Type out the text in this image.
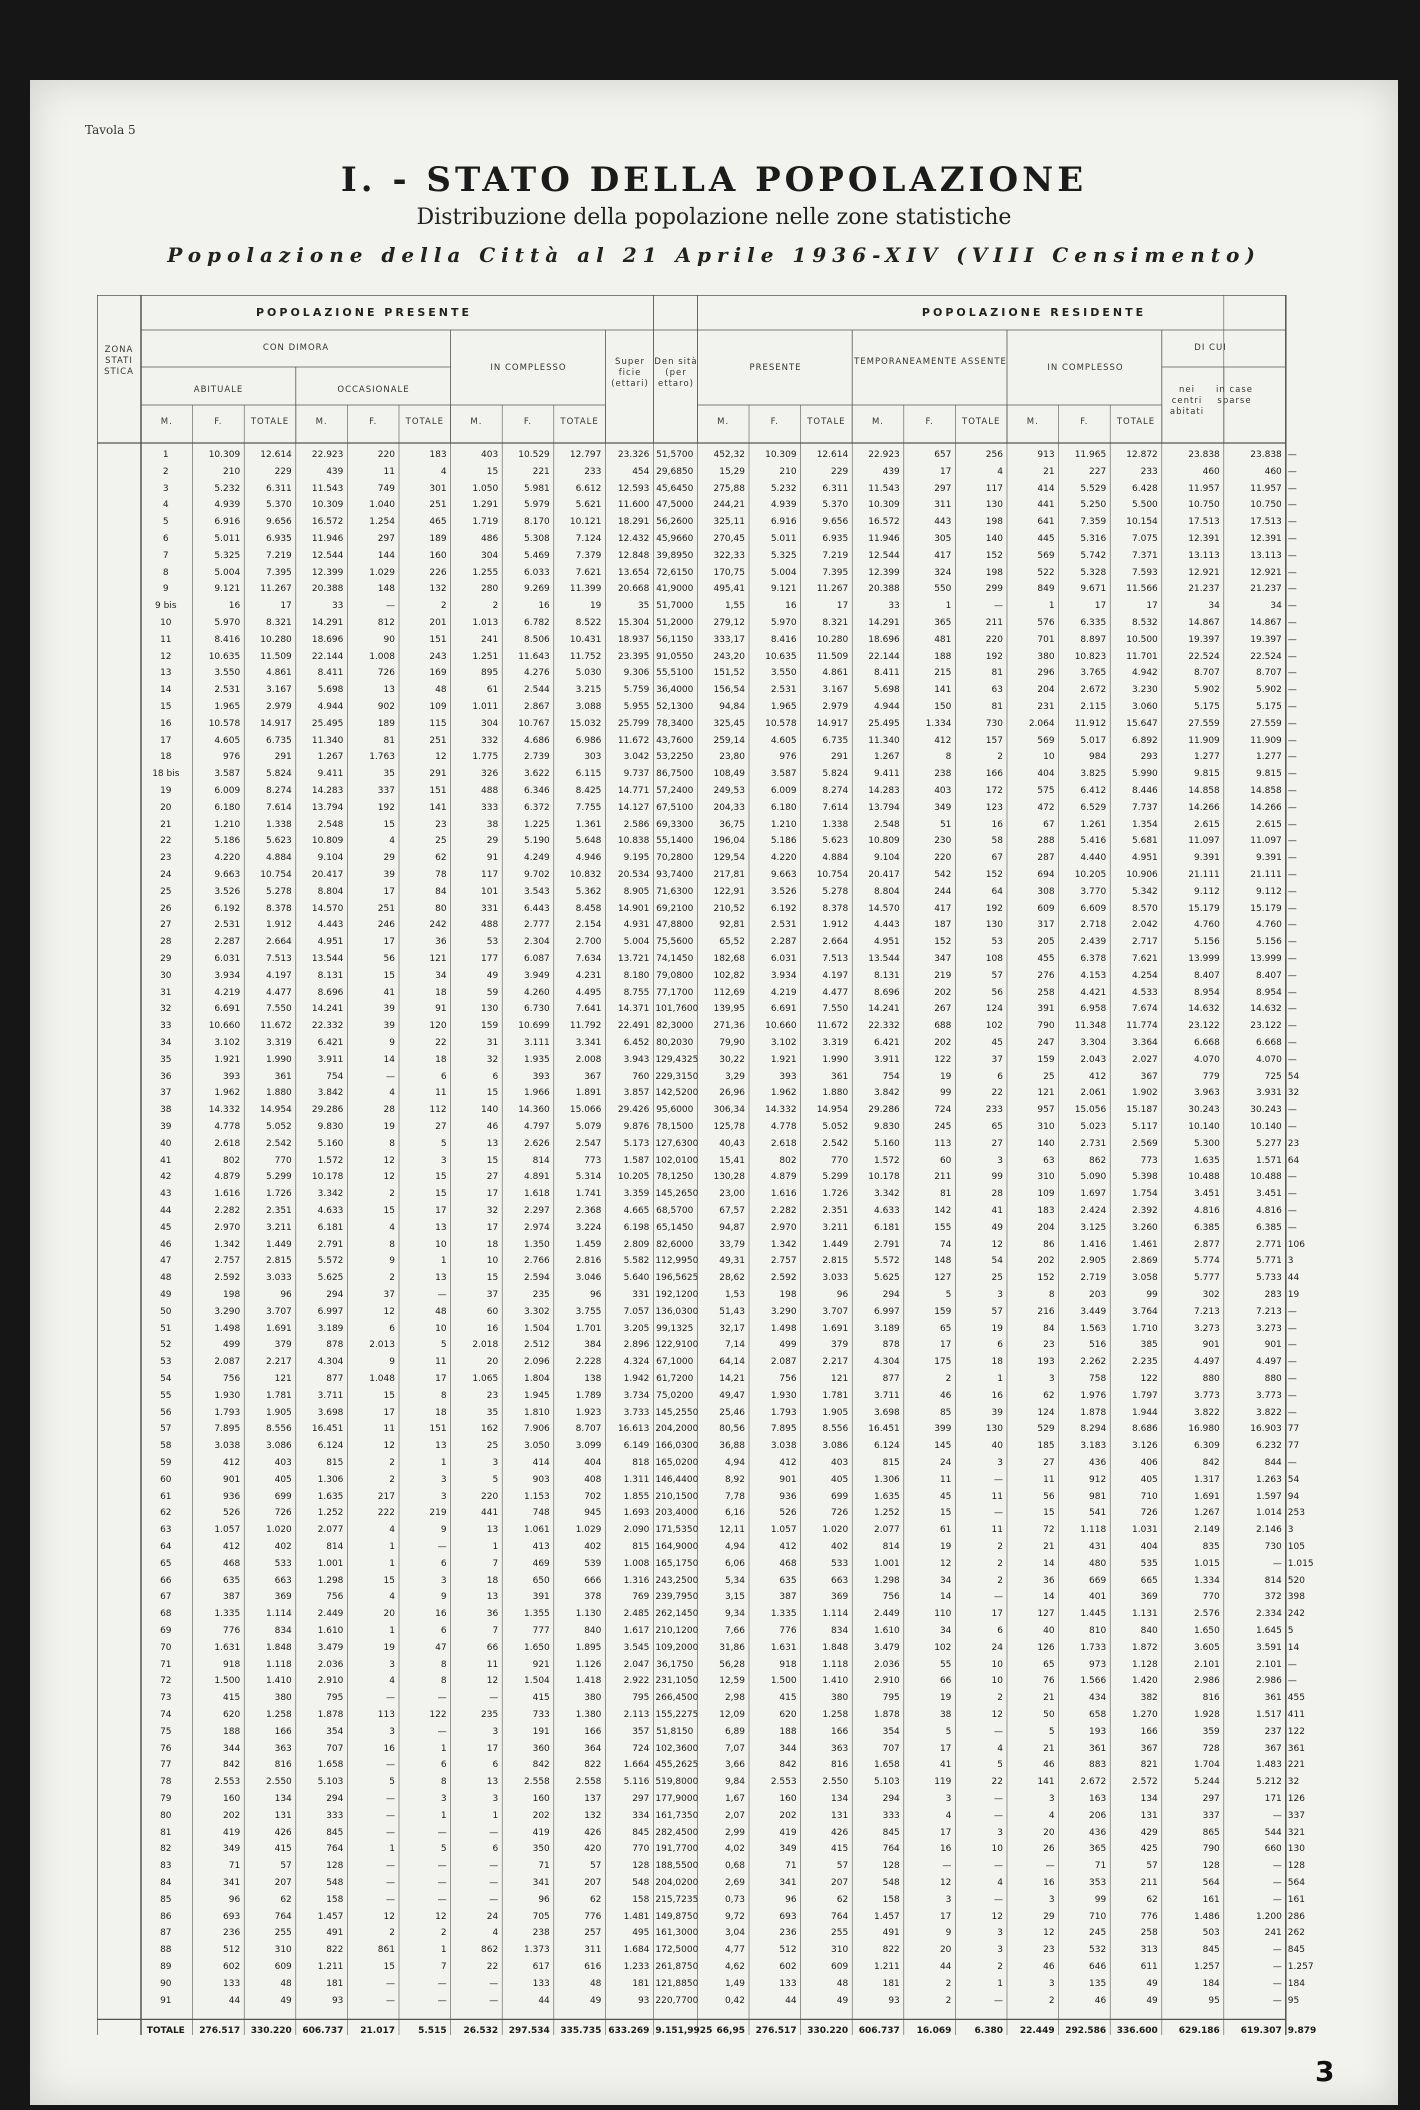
Tavola 5
I. - STATO DELLA POPOLAZIONE
Distribuzione della popolazione nelle zone statistiche
Popolazione della Città al 21 Aprile 1936-XIV (VIII Censimento)
ZONA STATI STICA
POPOLAZIONE PRESENTE	POPOLAZIONE RESIDENTE
CON DIMORA
ABITUALE	OCCASIONALE
IN COMPLESSO
Super ficie (ettari)
Den sità (per ettaro)
PRESENTE
TEMPORANEAMENTE ASSENTE
IN COMPLESSO
DI CUI
nei centri abitati
in case sparse
M.	F.	TOTALE	M.	F.	TOTALE	M.	F.	TOTALE	M.	F.	TOTALE	M.	F.	TOTALE	M.	F.	TOTALE
1	10.309	12.614	22.923	220	183	403	10.529	12.797	23.326 51,5700	452,32	10.309	12.614	22.923	657	256	913	11.965	12.872	23.838	23.838 —
2	210	229	439	11	4	15	221	233	454 29,6850	15,29	210	229	439	17	4	21	227	233	460	460 —
3	5.232	6.311	11.543	749	301	1.050	5.981	6.612	12.593 45,6450	275,88	5.232	6.311	11.543	297	117	414	5.529	6.428	11.957	11.957 —
4	4.939	5.370	10.309	1.040	251	1.291	5.979	5.621	11.600 47,5000	244,21	4.939	5.370	10.309	311	130	441	5.250	5.500	10.750	10.750 —
5	6.916	9.656	16.572	1.254	465	1.719	8.170	10.121	18.291 56,2600	325,11	6.916	9.656	16.572	443	198	641	7.359	10.154	17.513	17.513 —
6	5.011	6.935	11.946	297	189	486	5.308	7.124	12.432 45,9660	270,45	5.011	6.935	11.946	305	140	445	5.316	7.075	12.391	12.391 —
7	5.325	7.219	12.544	144	160	304	5.469	7.379	12.848 39,8950	322,33	5.325	7.219	12.544	417	152	569	5.742	7.371	13.113	13.113 —
8	5.004	7.395	12.399	1.029	226	1.255	6.033	7.621	13.654 72,6150	170,75	5.004	7.395	12.399	324	198	522	5.328	7.593	12.921	12.921 —
9	9.121	11.267	20.388	148	132	280	9.269	11.399	20.668 41,9000	495,41	9.121	11.267	20.388	550	299	849	9.671	11.566	21.237	21.237 —
9 bis	16	17	33	—	2	2	16	19	35 51,7000	1,55	16	17	33	1	—	1	17	17	34	34 —
10	5.970	8.321	14.291	812	201	1.013	6.782	8.522	15.304 51,2000	279,12	5.970	8.321	14.291	365	211	576	6.335	8.532	14.867	14.867 —
11	8.416	10.280	18.696	90	151	241	8.506	10.431	18.937 56,1150	333,17	8.416	10.280	18.696	481	220	701	8.897	10.500	19.397	19.397 —
12	10.635	11.509	22.144	1.008	243	1.251	11.643	11.752	23.395 91,0550	243,20	10.635	11.509	22.144	188	192	380	10.823	11.701	22.524	22.524 —
13	3.550	4.861	8.411	726	169	895	4.276	5.030	9.306 55,5100	151,52	3.550	4.861	8.411	215	81	296	3.765	4.942	8.707	8.707 —
14	2.531	3.167	5.698	13	48	61	2.544	3.215	5.759 36,4000	156,54	2.531	3.167	5.698	141	63	204	2.672	3.230	5.902	5.902 —
15	1.965	2.979	4.944	902	109	1.011	2.867	3.088	5.955 52,1300	94,84	1.965	2.979	4.944	150	81	231	2.115	3.060	5.175	5.175 —
16	10.578	14.917	25.495	189	115	304	10.767	15.032	25.799 78,3400	325,45	10.578	14.917	25.495	1.334	730	2.064	11.912	15.647	27.559	27.559 —
17	4.605	6.735	11.340	81	251	332	4.686	6.986	11.672 43,7600	259,14	4.605	6.735	11.340	412	157	569	5.017	6.892	11.909	11.909 —
18	976	291	1.267	1.763	12	1.775	2.739	303	3.042 53,2250	23,80	976	291	1.267	8	2	10	984	293	1.277	1.277 —
18 bis	3.587	5.824	9.411	35	291	326	3.622	6.115	9.737 86,7500	108,49	3.587	5.824	9.411	238	166	404	3.825	5.990	9.815	9.815 —
19	6.009	8.274	14.283	337	151	488	6.346	8.425	14.771 57,2400	249,53	6.009	8.274	14.283	403	172	575	6.412	8.446	14.858	14.858 —
20	6.180	7.614	13.794	192	141	333	6.372	7.755	14.127 67,5100	204,33	6.180	7.614	13.794	349	123	472	6.529	7.737	14.266	14.266 —
21	1.210	1.338	2.548	15	23	38	1.225	1.361	2.586 69,3300	36,75	1.210	1.338	2.548	51	16	67	1.261	1.354	2.615	2.615 —
22	5.186	5.623	10.809	4	25	29	5.190	5.648	10.838 55,1400	196,04	5.186	5.623	10.809	230	58	288	5.416	5.681	11.097	11.097 —
23	4.220	4.884	9.104	29	62	91	4.249	4.946	9.195 70,2800	129,54	4.220	4.884	9.104	220	67	287	4.440	4.951	9.391	9.391 —
24	9.663	10.754	20.417	39	78	117	9.702	10.832	20.534 93,7400	217,81	9.663	10.754	20.417	542	152	694	10.205	10.906	21.111	21.111 —
25	3.526	5.278	8.804	17	84	101	3.543	5.362	8.905 71,6300	122,91	3.526	5.278	8.804	244	64	308	3.770	5.342	9.112	9.112 —
26	6.192	8.378	14.570	251	80	331	6.443	8.458	14.901 69,2100	210,52	6.192	8.378	14.570	417	192	609	6.609	8.570	15.179	15.179 —
27	2.531	1.912	4.443	246	242	488	2.777	2.154	4.931 47,8800	92,81	2.531	1.912	4.443	187	130	317	2.718	2.042	4.760	4.760 —
28	2.287	2.664	4.951	17	36	53	2.304	2.700	5.004 75,5600	65,52	2.287	2.664	4.951	152	53	205	2.439	2.717	5.156	5.156 —
29	6.031	7.513	13.544	56	121	177	6.087	7.634	13.721 74,1450	182,68	6.031	7.513	13.544	347	108	455	6.378	7.621	13.999	13.999 —
30	3.934	4.197	8.131	15	34	49	3.949	4.231	8.180 79,0800	102,82	3.934	4.197	8.131	219	57	276	4.153	4.254	8.407	8.407 —
31	4.219	4.477	8.696	41	18	59	4.260	4.495	8.755 77,1700	112,69	4.219	4.477	8.696	202	56	258	4.421	4.533	8.954	8.954 —
32	6.691	7.550	14.241	39	91	130	6.730	7.641	14.371 101,7600	139,95	6.691	7.550	14.241	267	124	391	6.958	7.674	14.632	14.632 —
33	10.660	11.672	22.332	39	120	159	10.699	11.792	22.491 82,3000	271,36	10.660	11.672	22.332	688	102	790	11.348	11.774	23.122	23.122 —
34	3.102	3.319	6.421	9	22	31	3.111	3.341	6.452 80,2030	79,90	3.102	3.319	6.421	202	45	247	3.304	3.364	6.668	6.668 —
35	1.921	1.990	3.911	14	18	32	1.935	2.008	3.943 129,4325	30,22	1.921	1.990	3.911	122	37	159	2.043	2.027	4.070	4.070 —
36	393	361	754	—	6	6	393	367	760 229,3150	3,29	393	361	754	19	6	25	412	367	779	725 54
37	1.962	1.880	3.842	4	11	15	1.966	1.891	3.857 142,5200	26,96	1.962	1.880	3.842	99	22	121	2.061	1.902	3.963	3.931 32
38	14.332	14.954	29.286	28	112	140	14.360	15.066	29.426 95,6000	306,34	14.332	14.954	29.286	724	233	957	15.056	15.187	30.243	30.243 —
39	4.778	5.052	9.830	19	27	46	4.797	5.079	9.876 78,1500	125,78	4.778	5.052	9.830	245	65	310	5.023	5.117	10.140	10.140 —
40	2.618	2.542	5.160	8	5	13	2.626	2.547	5.173 127,6300	40,43	2.618	2.542	5.160	113	27	140	2.731	2.569	5.300	5.277 23
41	802	770	1.572	12	3	15	814	773	1.587 102,0100	15,41	802	770	1.572	60	3	63	862	773	1.635	1.571 64
42	4.879	5.299	10.178	12	15	27	4.891	5.314	10.205 78,1250	130,28	4.879	5.299	10.178	211	99	310	5.090	5.398	10.488	10.488 —
43	1.616	1.726	3.342	2	15	17	1.618	1.741	3.359 145,2650	23,00	1.616	1.726	3.342	81	28	109	1.697	1.754	3.451	3.451 —
44	2.282	2.351	4.633	15	17	32	2.297	2.368	4.665 68,5700	67,57	2.282	2.351	4.633	142	41	183	2.424	2.392	4.816	4.816 —
45	2.970	3.211	6.181	4	13	17	2.974	3.224	6.198 65,1450	94,87	2.970	3.211	6.181	155	49	204	3.125	3.260	6.385	6.385 —
46	1.342	1.449	2.791	8	10	18	1.350	1.459	2.809 82,6000	33,79	1.342	1.449	2.791	74	12	86	1.416	1.461	2.877	2.771 106
47	2.757	2.815	5.572	9	1	10	2.766	2.816	5.582 112,9950	49,31	2.757	2.815	5.572	148	54	202	2.905	2.869	5.774	5.771 3
48	2.592	3.033	5.625	2	13	15	2.594	3.046	5.640 196,5625	28,62	2.592	3.033	5.625	127	25	152	2.719	3.058	5.777	5.733 44
49	198	96	294	37	—	37	235	96	331 192,1200	1,53	198	96	294	5	3	8	203	99	302	283 19
50	3.290	3.707	6.997	12	48	60	3.302	3.755	7.057 136,0300	51,43	3.290	3.707	6.997	159	57	216	3.449	3.764	7.213	7.213 —
51	1.498	1.691	3.189	6	10	16	1.504	1.701	3.205 99,1325	32,17	1.498	1.691	3.189	65	19	84	1.563	1.710	3.273	3.273 —
52	499	379	878	2.013	5	2.018	2.512	384	2.896 122,9100	7,14	499	379	878	17	6	23	516	385	901	901 —
53	2.087	2.217	4.304	9	11	20	2.096	2.228	4.324 67,1000	64,14	2.087	2.217	4.304	175	18	193	2.262	2.235	4.497	4.497 —
54	756	121	877	1.048	17	1.065	1.804	138	1.942 61,7200	14,21	756	121	877	2	1	3	758	122	880	880 —
55	1.930	1.781	3.711	15	8	23	1.945	1.789	3.734 75,0200	49,47	1.930	1.781	3.711	46	16	62	1.976	1.797	3.773	3.773 —
56	1.793	1.905	3.698	17	18	35	1.810	1.923	3.733 145,2550	25,46	1.793	1.905	3.698	85	39	124	1.878	1.944	3.822	3.822 —
57	7.895	8.556	16.451	11	151	162	7.906	8.707	16.613 204,2000	80,56	7.895	8.556	16.451	399	130	529	8.294	8.686	16.980	16.903 77
58	3.038	3.086	6.124	12	13	25	3.050	3.099	6.149 166,0300	36,88	3.038	3.086	6.124	145	40	185	3.183	3.126	6.309	6.232 77
59	412	403	815	2	1	3	414	404	818 165,0200	4,94	412	403	815	24	3	27	436	406	842	844 —
60	901	405	1.306	2	3	5	903	408	1.311 146,4400	8,92	901	405	1.306	11	—	11	912	405	1.317	1.263 54
61	936	699	1.635	217	3	220	1.153	702	1.855 210,1500	7,78	936	699	1.635	45	11	56	981	710	1.691	1.597 94
62	526	726	1.252	222	219	441	748	945	1.693 203,4000	6,16	526	726	1.252	15	—	15	541	726	1.267	1.014 253
63	1.057	1.020	2.077	4	9	13	1.061	1.029	2.090 171,5350	12,11	1.057	1.020	2.077	61	11	72	1.118	1.031	2.149	2.146 3
64	412	402	814	1	—	1	413	402	815 164,9000	4,94	412	402	814	19	2	21	431	404	835	730 105
65	468	533	1.001	1	6	7	469	539	1.008 165,1750	6,06	468	533	1.001	12	2	14	480	535	1.015	— 1.015
66	635	663	1.298	15	3	18	650	666	1.316 243,2500	5,34	635	663	1.298	34	2	36	669	665	1.334	814 520
67	387	369	756	4	9	13	391	378	769 239,7950	3,15	387	369	756	14	—	14	401	369	770	372 398
68	1.335	1.114	2.449	20	16	36	1.355	1.130	2.485 262,1450	9,34	1.335	1.114	2.449	110	17	127	1.445	1.131	2.576	2.334 242
69	776	834	1.610	1	6	7	777	840	1.617 210,1200	7,66	776	834	1.610	34	6	40	810	840	1.650	1.645 5
70	1.631	1.848	3.479	19	47	66	1.650	1.895	3.545 109,2000	31,86	1.631	1.848	3.479	102	24	126	1.733	1.872	3.605	3.591 14
71	918	1.118	2.036	3	8	11	921	1.126	2.047 36,1750	56,28	918	1.118	2.036	55	10	65	973	1.128	2.101	2.101 —
72	1.500	1.410	2.910	4	8	12	1.504	1.418	2.922 231,1050	12,59	1.500	1.410	2.910	66	10	76	1.566	1.420	2.986	2.986 —
73	415	380	795	—	—	—	415	380	795 266,4500	2,98	415	380	795	19	2	21	434	382	816	361 455
74	620	1.258	1.878	113	122	235	733	1.380	2.113 155,2275	12,09	620	1.258	1.878	38	12	50	658	1.270	1.928	1.517 411
75	188	166	354	3	—	3	191	166	357 51,8150	6,89	188	166	354	5	—	5	193	166	359	237 122
76	344	363	707	16	1	17	360	364	724 102,3600	7,07	344	363	707	17	4	21	361	367	728	367 361
77	842	816	1.658	—	6	6	842	822	1.664 455,2625	3,66	842	816	1.658	41	5	46	883	821	1.704	1.483 221
78	2.553	2.550	5.103	5	8	13	2.558	2.558	5.116 519,8000	9,84	2.553	2.550	5.103	119	22	141	2.672	2.572	5.244	5.212 32
79	160	134	294	—	3	3	160	137	297 177,9000	1,67	160	134	294	3	—	3	163	134	297	171 126
80	202	131	333	—	1	1	202	132	334 161,7350	2,07	202	131	333	4	—	4	206	131	337	— 337
81	419	426	845	—	—	—	419	426	845 282,4500	2,99	419	426	845	17	3	20	436	429	865	544 321
82	349	415	764	1	5	6	350	420	770 191,7700	4,02	349	415	764	16	10	26	365	425	790	660 130
83	71	57	128	—	—	—	71	57	128 188,5500	0,68	71	57	128	—	—	—	71	57	128	— 128
84	341	207	548	—	—	—	341	207	548 204,0200	2,69	341	207	548	12	4	16	353	211	564	— 564
85	96	62	158	—	—	—	96	62	158 215,7235	0,73	96	62	158	3	—	3	99	62	161	— 161
86	693	764	1.457	12	12	24	705	776	1.481 149,8750	9,72	693	764	1.457	17	12	29	710	776	1.486	1.200 286
87	236	255	491	2	2	4	238	257	495 161,3000	3,04	236	255	491	9	3	12	245	258	503	241 262
88	512	310	822	861	1	862	1.373	311	1.684 172,5000	4,77	512	310	822	20	3	23	532	313	845	— 845
89	602	609	1.211	15	7	22	617	616	1.233 261,8750	4,62	602	609	1.211	44	2	46	646	611	1.257	— 1.257
90	133	48	181	—	—	—	133	48	181 121,8850	1,49	133	48	181	2	1	3	135	49	184	— 184
91	44	49	93	—	—	—	44	49	93 220,7700	0,42	44	49	93	2	—	2	46	49	95	— 95
TOTALE	276.517	330.220	606.737	21.017	5.515	26.532	297.534	335.735 633.269 9.151,9925 66,95	276.517	330.220	606.737	16.069	6.380	22.449	292.586	336.600	629.186	619.307 9.879
3
